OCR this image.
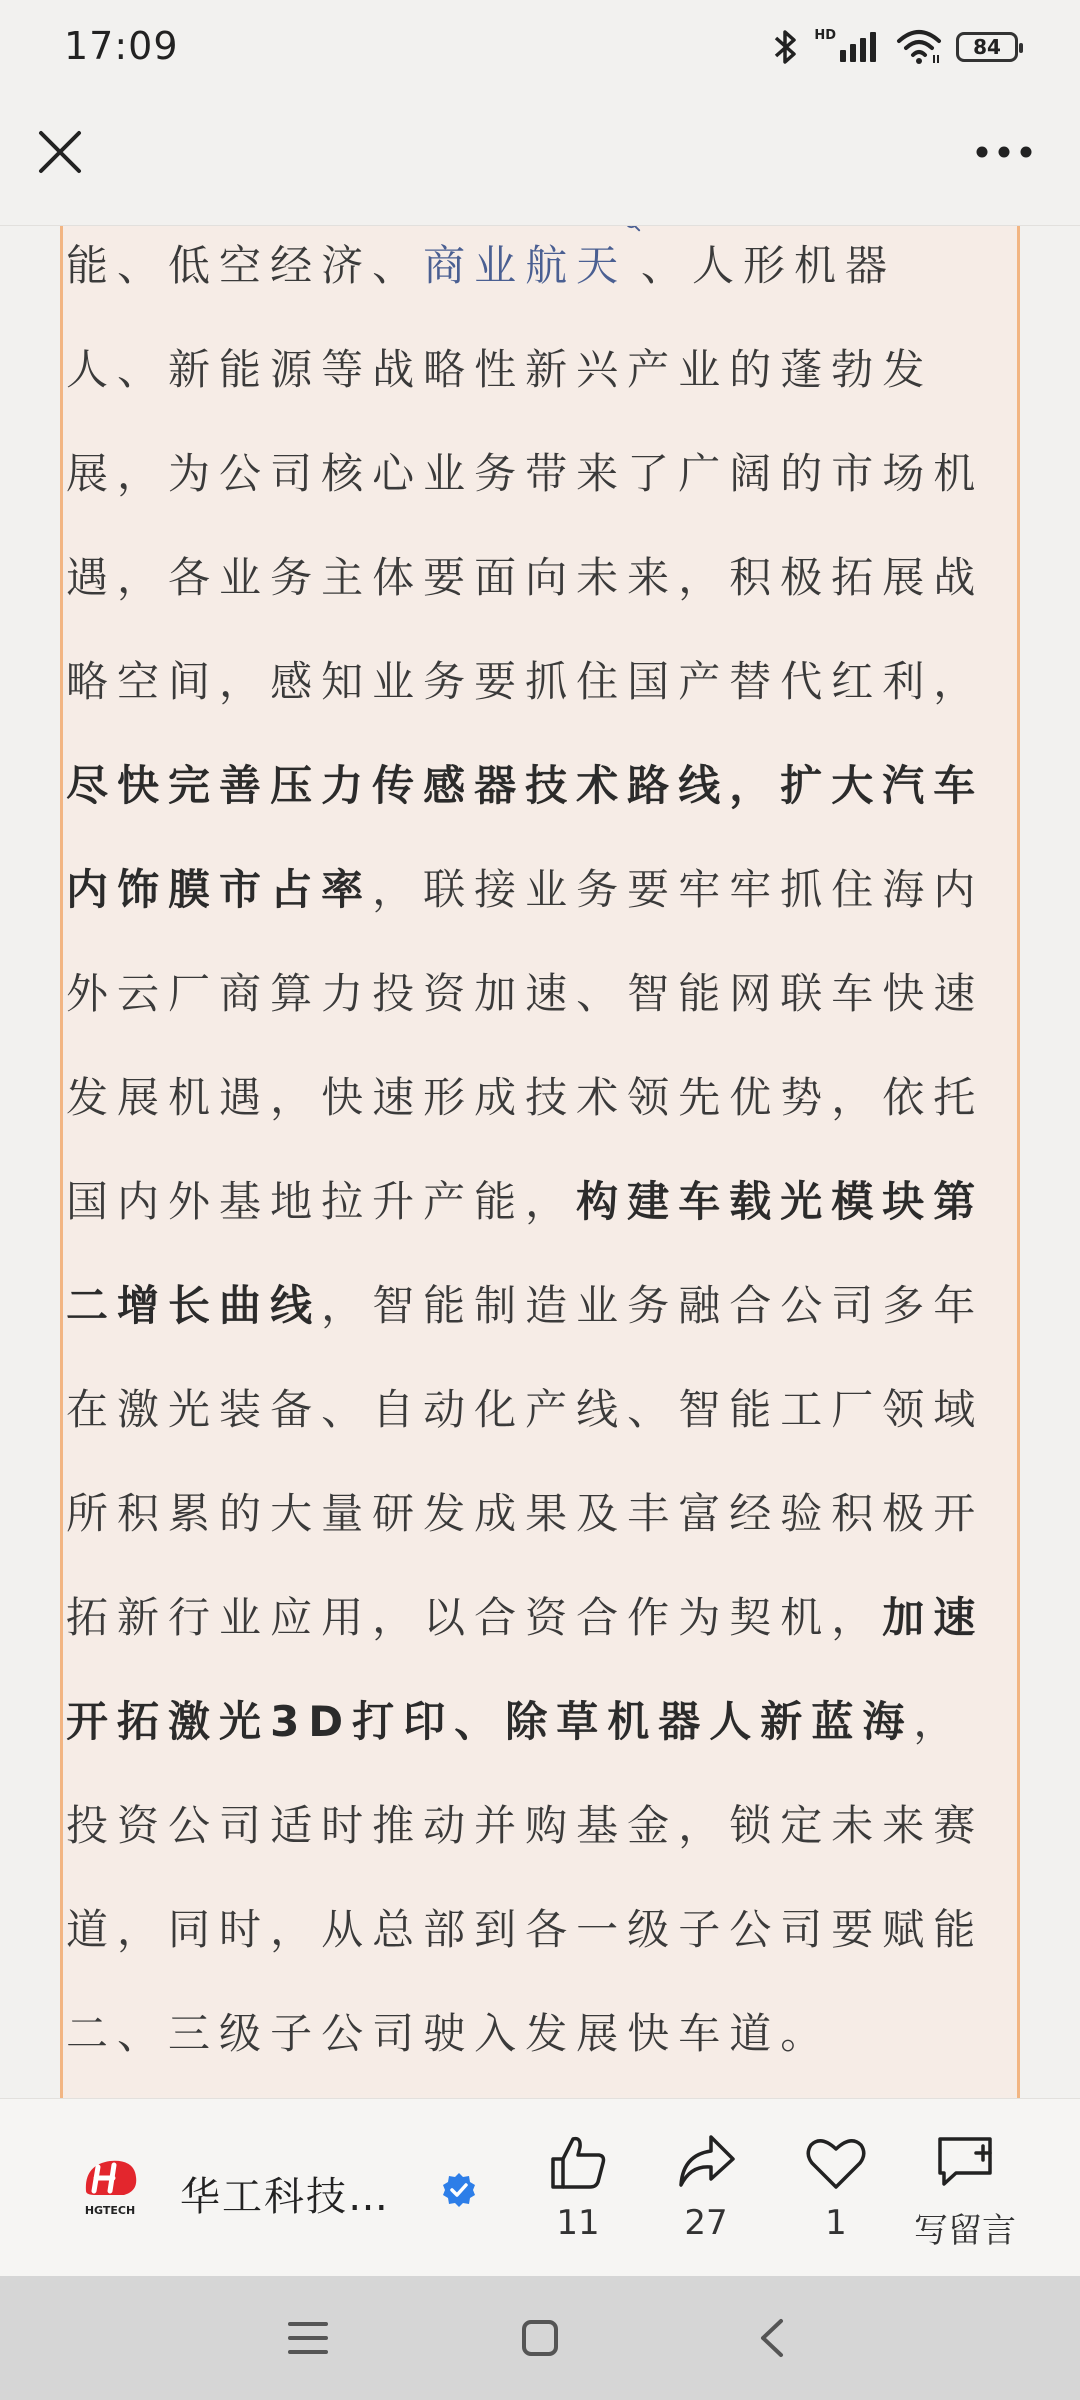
17:09	HD	84
能 、 低 空 经 济 、 商 业 航 天 、 人 形 机 器
人 、 新 能 源 等 战 略 性 新 兴 产 业 的 蓬 勃 发
展 ， 为 公 司 核 心 业 务 带 来 了 广 阔 的 市 场 机
遇 ， 各 业 务 主 体 要 面 向 未 来 ， 积 极 拓 展 战
略 空 间 ， 感 知 业 务 要 抓 住 国 产 替 代 红 利 ，
尽 快 完 善 压 力 传 感 器 技 术 路 线 ， 扩 大 汽 车
内 饰 膜 市 占 率 ， 联 接 业 务 要 牢 牢 抓 住 海 内
外 云 厂 商 算 力 投 资 加 速 、 智 能 网 联 车 快 速
发 展 机 遇 ， 快 速 形 成 技 术 领 先 优 势 ， 依 托
国 内 外 基 地 拉 升 产 能 ， 构 建 车 载 光 模 块 第
二 增 长 曲 线 ， 智 能 制 造 业 务 融 合 公 司 多 年
在 激 光 装 备 、 自 动 化 产 线 、 智 能 工 厂 领 域
所 积 累 的 大 量 研 发 成 果 及 丰 富 经 验 积 极 开
拓 新 行 业 应 用 ， 以 合 资 合 作 为 契 机 ， 加 速
开 拓 激 光 3 D 打 印 、 除 草 机 器 人 新 蓝 海 ，
投 资 公 司 适 时 推 动 并 购 基 金 ， 锁 定 未 来 赛
道 ， 同 时 ， 从 总 部 到 各 一 级 子 公 司 要 赋 能
二 、 三 级 子 公 司 驶 入 发 展 快 车 道 。
HGTECH 华工科技…
11 27	1 写留言
